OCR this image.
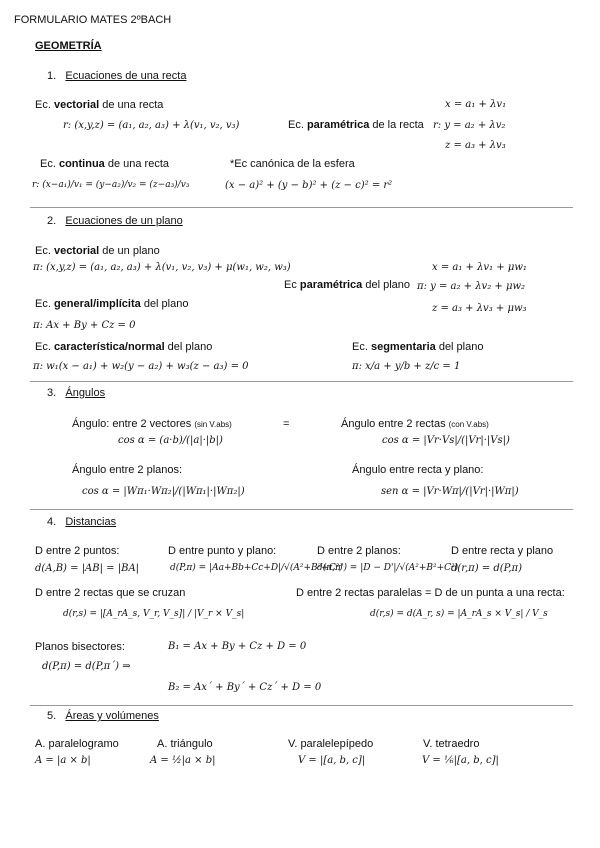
FORMULARIO MATES 2ºBACH
GEOMETRÍA
1. Ecuaciones de una recta
Ec. vectorial de una recta
r: (x,y,z) = (a₁, a₂, a₃) + λ(v₁, v₂, v₃)	Ec. paramétrica de la recta
x = a₁ + λv₁
r: y = a₂ + λv₂
z = a₃ + λv₃
Ec. continua de una recta
r: (x−a₁)/v₁ = (y−a₂)/v₂ = (z−a₃)/v₃
*Ec canónica de la esfera
(x − a)² + (y − b)² + (z − c)² = r²
2. Ecuaciones de un plano
Ec. vectorial de un plano
π: (x,y,z) = (a₁, a₂, a₃) + λ(v₁, v₂, v₃) + μ(w₁, w₂, w₃)	x = a₁ + λv₁ + μw₁
Ec paramétrica del plano π: y = a₂ + λv₂ + μw₂
z = a₃ + λv₃ + μw₃
Ec. general/implícita del plano
π: Ax + By + Cz = 0
Ec. característica/normal del plano
π: w₁(x − a₁) + w₂(y − a₂) + w₃(z − a₃) = 0
Ec. segmentaria del plano
π: x/a + y/b + z/c = 1
3. Ángulos
Ángulo: entre 2 vectores (sin V.abs)	=	Ángulo entre 2 rectas (con V.abs)
cos α = (a·b)/(|a|·|b|)	cos α = |Vr·Vs|/(|Vr|·|Vs|)
Ángulo entre 2 planos:	Ángulo entre recta y plano:
cos α = |Wπ₁·Wπ₂|/(|Wπ₁|·|Wπ₂|)	sen α = |Vr·Wπ|/(|Vr|·|Wπ|)
4. Distancias
D entre 2 puntos:
d(A,B) = |AB| = |BA|
D entre punto y plano:
d(P,π) = |Aa+Bb+Cc+D|/√(A²+B²+C²)
D entre 2 planos:
d(π,π') = |D − D'|/√(A²+B²+C²)
D entre recta y plano
d(r,π) = d(P,π)
D entre 2 rectas que se cruzan
d(r,s) = |[A_rA_s, V_r, V_s]| / |V_r × V_s|
D entre 2 rectas paralelas = D de un punta a una recta:
d(r,s) = d(A_r, s) = |A_rA_s × V_s| / V_s
Planos bisectores:
d(P,π) = d(P,π´) ⇒
B₁ = Ax + By + Cz + D = 0
B₂ = Ax´ + By´ + Cz´ + D = 0
5. Áreas y volúmenes
A. paralelogramo
A = |a × b|
A. triángulo
A = ½|a × b|
V. paralelepípedo
V = |[a, b, c]|
V. tetraedro
V = ⅙|[a, b, c]|
